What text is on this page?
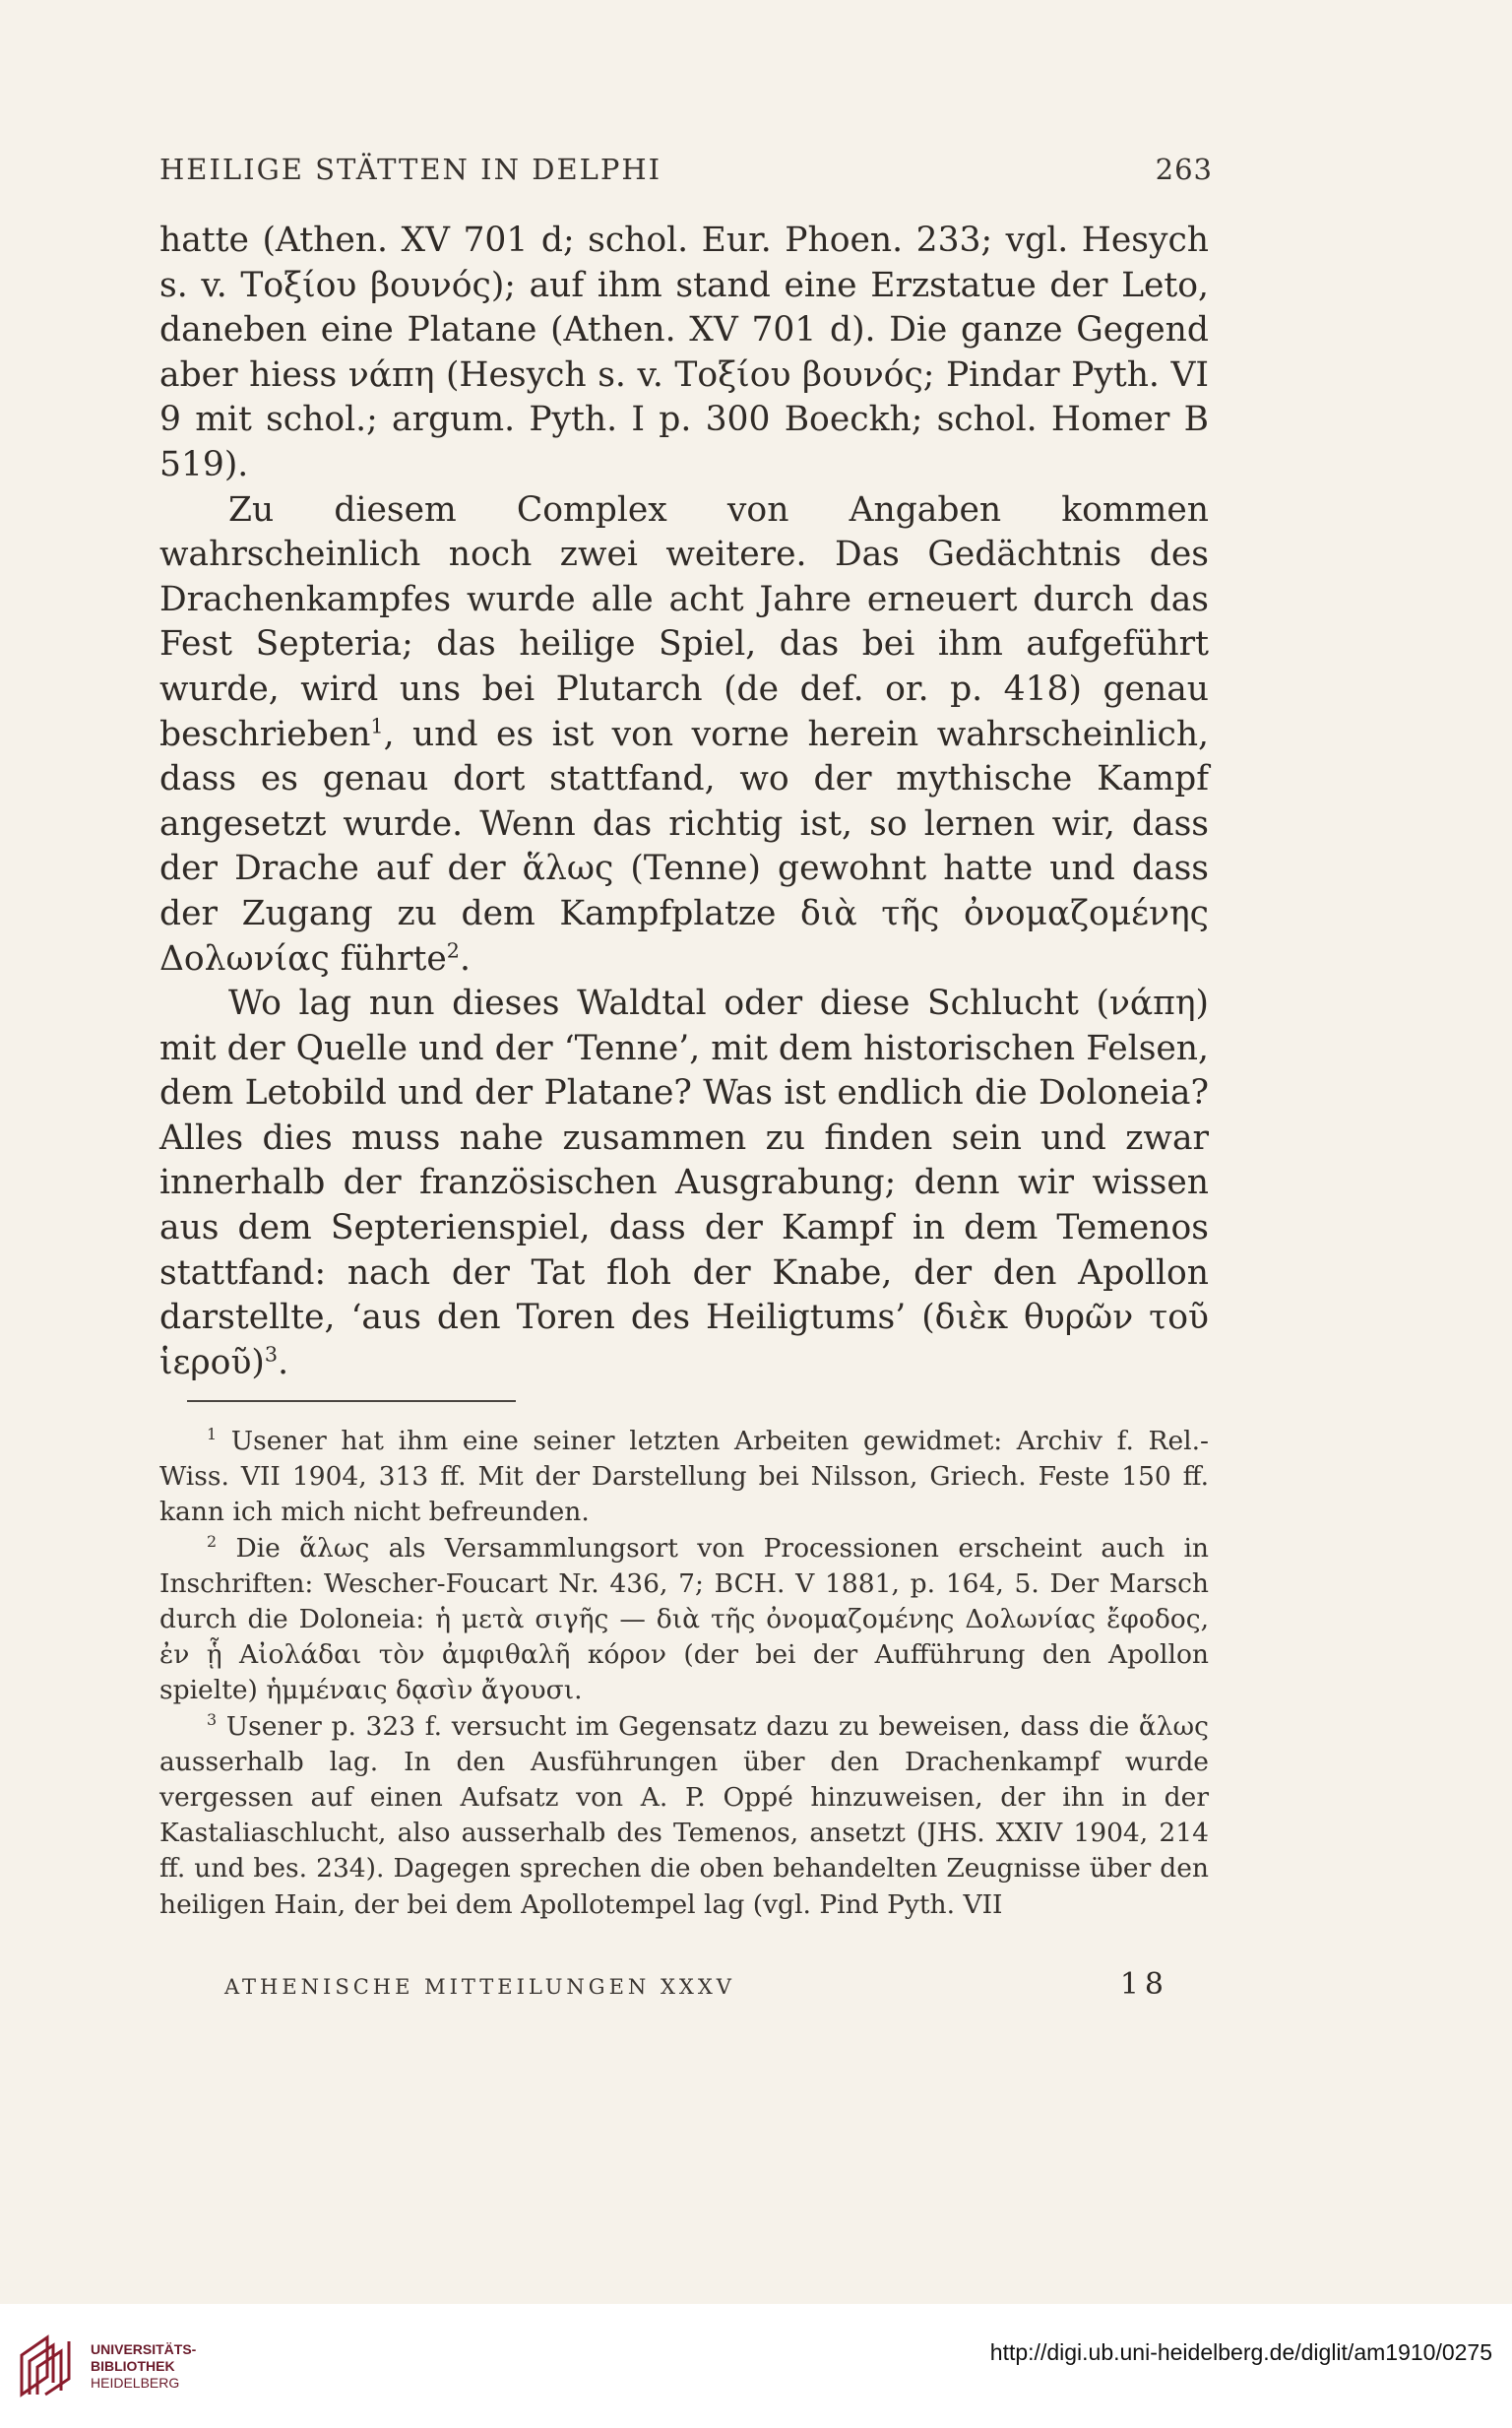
HEILIGE STÄTTEN IN DELPHI	263

hatte (Athen. XV 701 d; schol. Eur. Phoen. 233; vgl. Hesych s. v. Τοξίου βουνός); auf ihm stand eine Erzstatue der Leto, daneben eine Platane (Athen. XV 701 d). Die ganze Gegend aber hiess νάπη (Hesych s. v. Τοξίου βουνός; Pindar Pyth. VI 9 mit schol.; argum. Pyth. I p. 300 Boeckh; schol. Homer B 519).

Zu diesem Complex von Angaben kommen wahrscheinlich noch zwei weitere. Das Gedächtnis des Drachenkampfes wurde alle acht Jahre erneuert durch das Fest Septeria; das heilige Spiel, das bei ihm aufgeführt wurde, wird uns bei Plutarch (de def. or. p. 418) genau beschrieben$^1$, und es ist von vorne herein wahrscheinlich, dass es genau dort stattfand, wo der mythische Kampf angesetzt wurde. Wenn das richtig ist, so lernen wir, dass der Drache auf der ἅλως (Tenne) gewohnt hatte und dass der Zugang zu dem Kampfplatze διὰ τῆς ὀνομαζομένης Δολωνίας führte$^2$.

Wo lag nun dieses Waldtal oder diese Schlucht (νάπη) mit der Quelle und der ‘Tenne’, mit dem historischen Felsen, dem Letobild und der Platane? Was ist endlich die Doloneia? Alles dies muss nahe zusammen zu finden sein und zwar innerhalb der französischen Ausgrabung; denn wir wissen aus dem Septerienspiel, dass der Kampf in dem Temenos stattfand: nach der Tat floh der Knabe, der den Apollon darstellte, ‘aus den Toren des Heiligtums’ (διὲκ θυρῶν τοῦ ἱεροῦ)$^3$.

$^1$ Usener hat ihm eine seiner letzten Arbeiten gewidmet: Archiv f. Rel.-Wiss. VII 1904, 313 ff. Mit der Darstellung bei Nilsson, Griech. Feste 150 ff. kann ich mich nicht befreunden.

$^2$ Die ἅλως als Versammlungsort von Processionen erscheint auch in Inschriften: Wescher-Foucart Nr. 436, 7; BCH. V 1881, p. 164, 5. Der Marsch durch die Doloneia: ἡ μετὰ σιγῆς — διὰ τῆς ὀνομαζομένης Δολωνίας ἔφοδος, ἐν ᾗ Αἰολάδαι τὸν ἀμφιθαλῆ κόρον (der bei der Aufführung den Apollon spielte) ἡμμέναις δᾳσὶν ἄγουσι.

$^3$ Usener p. 323 f. versucht im Gegensatz dazu zu beweisen, dass die ἅλως ausserhalb lag. In den Ausführungen über den Drachenkampf wurde vergessen auf einen Aufsatz von A. P. Oppé hinzuweisen, der ihn in der Kastaliaschlucht, also ausserhalb des Temenos, ansetzt (JHS. XXIV 1904, 214 ff. und bes. 234). Dagegen sprechen die oben behandelten Zeugnisse über den heiligen Hain, der bei dem Apollotempel lag (vgl. Pind Pyth. VII

ATHENISCHE MITTEILUNGEN XXXV	18
UNIVERSITÄTS-
BIBLIOTHEK
HEIDELBERG
http://digi.ub.uni-heidelberg.de/diglit/am1910/0275
